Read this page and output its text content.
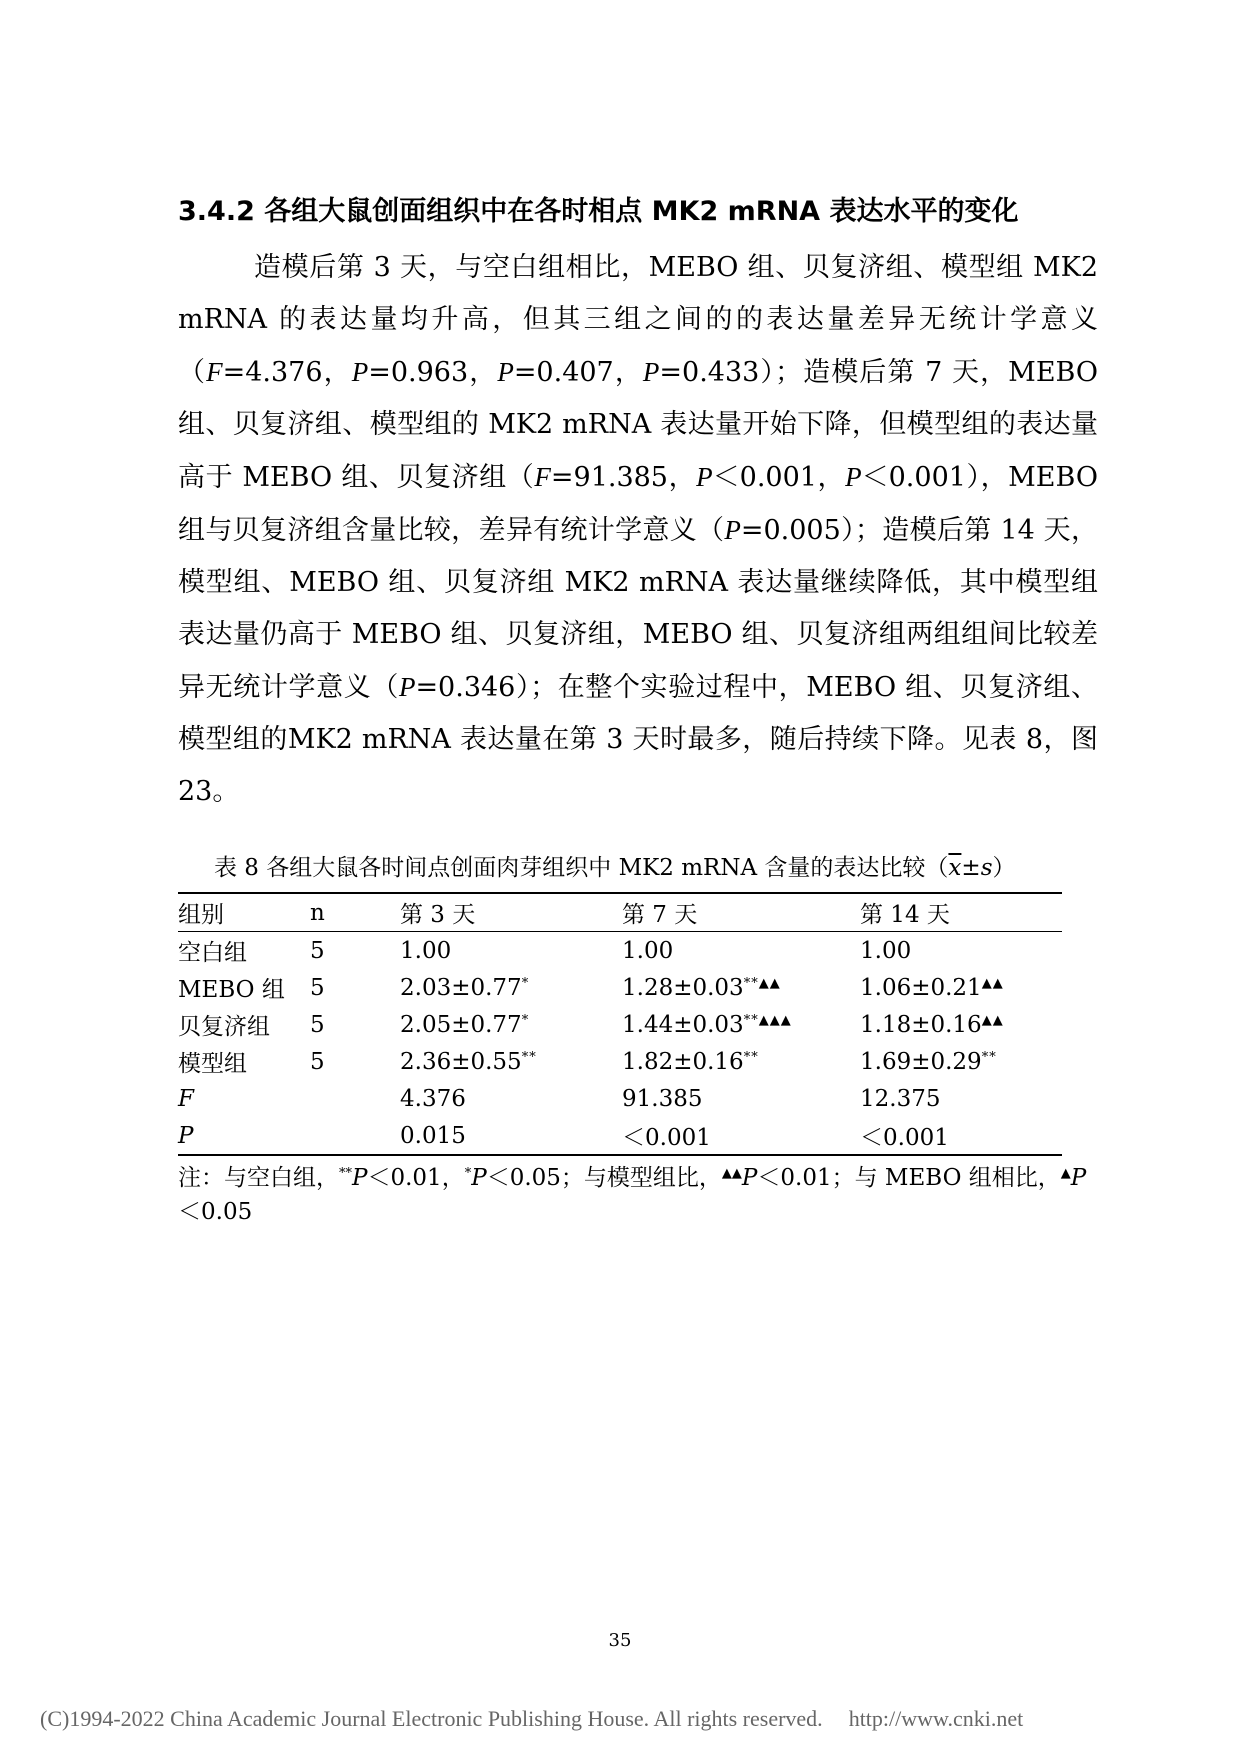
3.4.2 各组大鼠创面组织中在各时相点 MK2 mRNA 表达水平的变化

造模后第 3 天，与空白组相比，MEBO 组、贝复济组、模型组 MK2 mRNA 的表达量均升高，但其三组之间的的表达量差异无统计学意义（F=4.376，P=0.963，P=0.407，P=0.433）；造模后第 7 天，MEBO 组、贝复济组、模型组的 MK2 mRNA 表达量开始下降，但模型组的表达量高于 MEBO 组、贝复济组（F=91.385，P＜0.001，P＜0.001），MEBO 组与贝复济组含量比较，差异有统计学意义（P=0.005）；造模后第 14 天，模型组、MEBO 组、贝复济组 MK2 mRNA 表达量继续降低，其中模型组表达量仍高于 MEBO 组、贝复济组，MEBO 组、贝复济组两组组间比较差异无统计学意义（P=0.346）；在整个实验过程中，MEBO 组、贝复济组、模型组的MK2 mRNA 表达量在第 3 天时最多，随后持续下降。见表 8，图 23。

表 8 各组大鼠各时间点创面肉芽组织中 MK2 mRNA 含量的表达比较$(\overline{x}\pm s)$
组别	n	第 3 天	第 7 天	第 14 天
空白组	5	1.00	1.00	1.00
MEBO 组	5	2.03±0.77*	1.28±0.03**▲▲	1.06±0.21▲▲
贝复济组	5	2.05±0.77*	1.44±0.03**▲▲▲	1.18±0.16▲▲
模型组	5	2.36±0.55**	1.82±0.16**	1.69±0.29**
F		4.376	91.385	12.375
P		0.015	＜0.001	＜0.001
注：与空白组，**P＜0.01，*P＜0.05；与模型组比，▲▲P＜0.01；与 MEBO 组相比，▲P＜0.05
35
(C)1994-2022 China Academic Journal Electronic Publishing House. All rights reserved. http://www.cnki.net
